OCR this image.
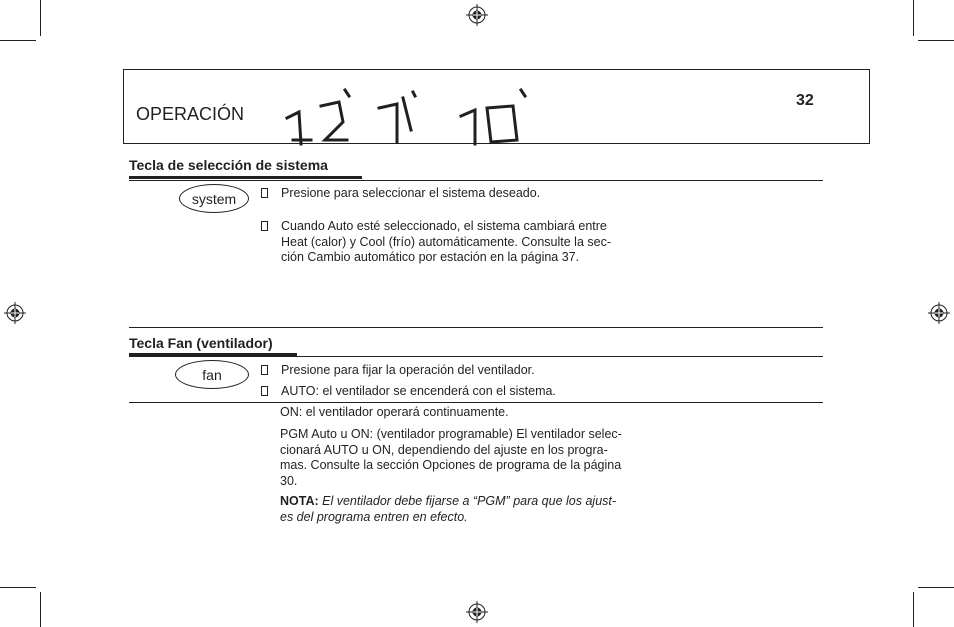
OPERACIÓN
32
Tecla de selección de sistema
system	Presione para seleccionar el sistema deseado.
Cuando Auto esté seleccionado, el sistema cambiará entre
Heat (calor) y Cool (frío) automáticamente. Consulte la sec-
ción Cambio automático por estación en la página 37.
Tecla Fan (ventilador)
fan	Presione para fijar la operación del ventilador.
AUTO: el ventilador se encenderá con el sistema.
ON: el ventilador operará continuamente.
PGM Auto u ON: (ventilador programable) El ventilador selec-
cionará AUTO u ON, dependiendo del ajuste en los progra-
mas. Consulte la sección Opciones de programa de la página
30.
NOTA: El ventilador debe fijarse a “PGM” para que los ajust-
es del programa entren en efecto.
